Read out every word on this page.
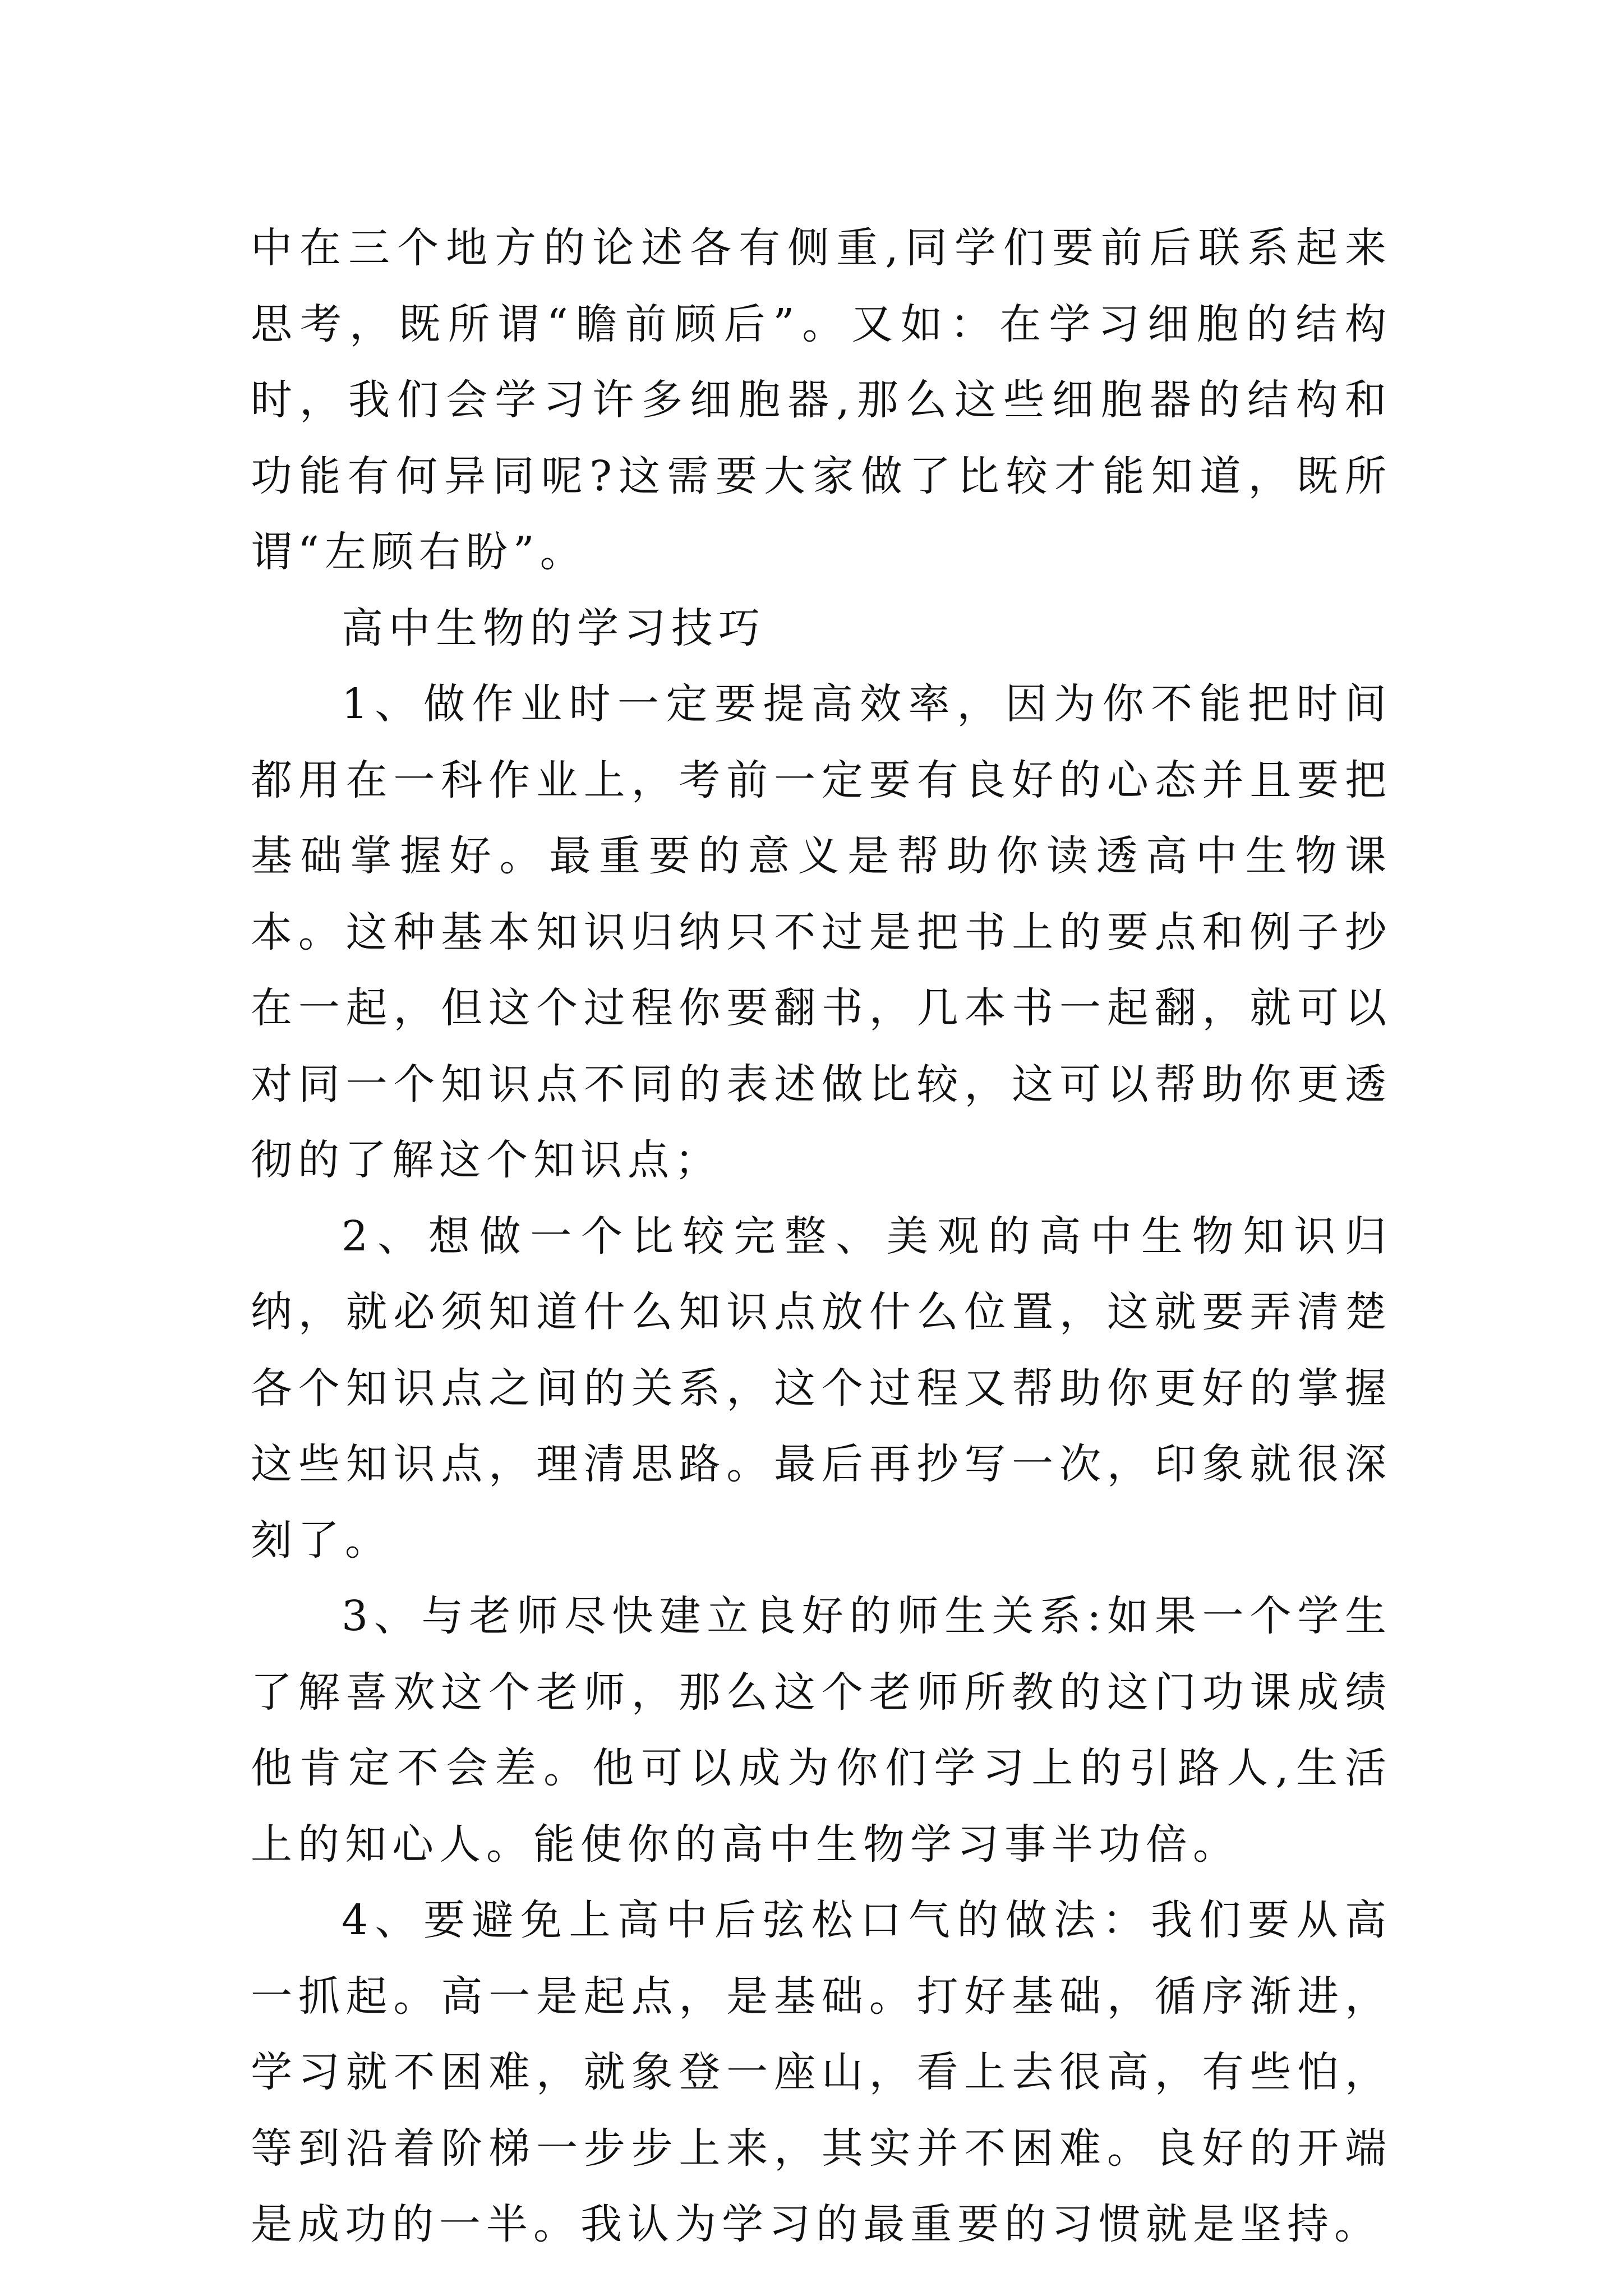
中在三个地方的论述各有侧重,同学们要前后联系起来思考，既所谓“瞻前顾后”。又如：在学习细胞的结构时，我们会学习许多细胞器,那么这些细胞器的结构和功能有何异同呢?这需要大家做了比较才能知道，既所谓“左顾右盼”。

高中生物的学习技巧

1、做作业时一定要提高效率，因为你不能把时间都用在一科作业上，考前一定要有良好的心态并且要把基础掌握好。最重要的意义是帮助你读透高中生物课本。这种基本知识归纳只不过是把书上的要点和例子抄在一起，但这个过程你要翻书，几本书一起翻，就可以对同一个知识点不同的表述做比较，这可以帮助你更透彻的了解这个知识点；

2、想做一个比较完整、美观的高中生物知识归纳，就必须知道什么知识点放什么位置，这就要弄清楚各个知识点之间的关系，这个过程又帮助你更好的掌握这些知识点，理清思路。最后再抄写一次，印象就很深刻了。

3、与老师尽快建立良好的师生关系:如果一个学生了解喜欢这个老师，那么这个老师所教的这门功课成绩他肯定不会差。他可以成为你们学习上的引路人,生活上的知心人。能使你的高中生物学习事半功倍。

4、要避免上高中后弦松口气的做法：我们要从高一抓起。高一是起点，是基础。打好基础，循序渐进，学习就不困难，就象登一座山，看上去很高，有些怕，等到沿着阶梯一步步上来，其实并不困难。良好的开端是成功的一半。我认为学习的最重要的习惯就是坚持。
